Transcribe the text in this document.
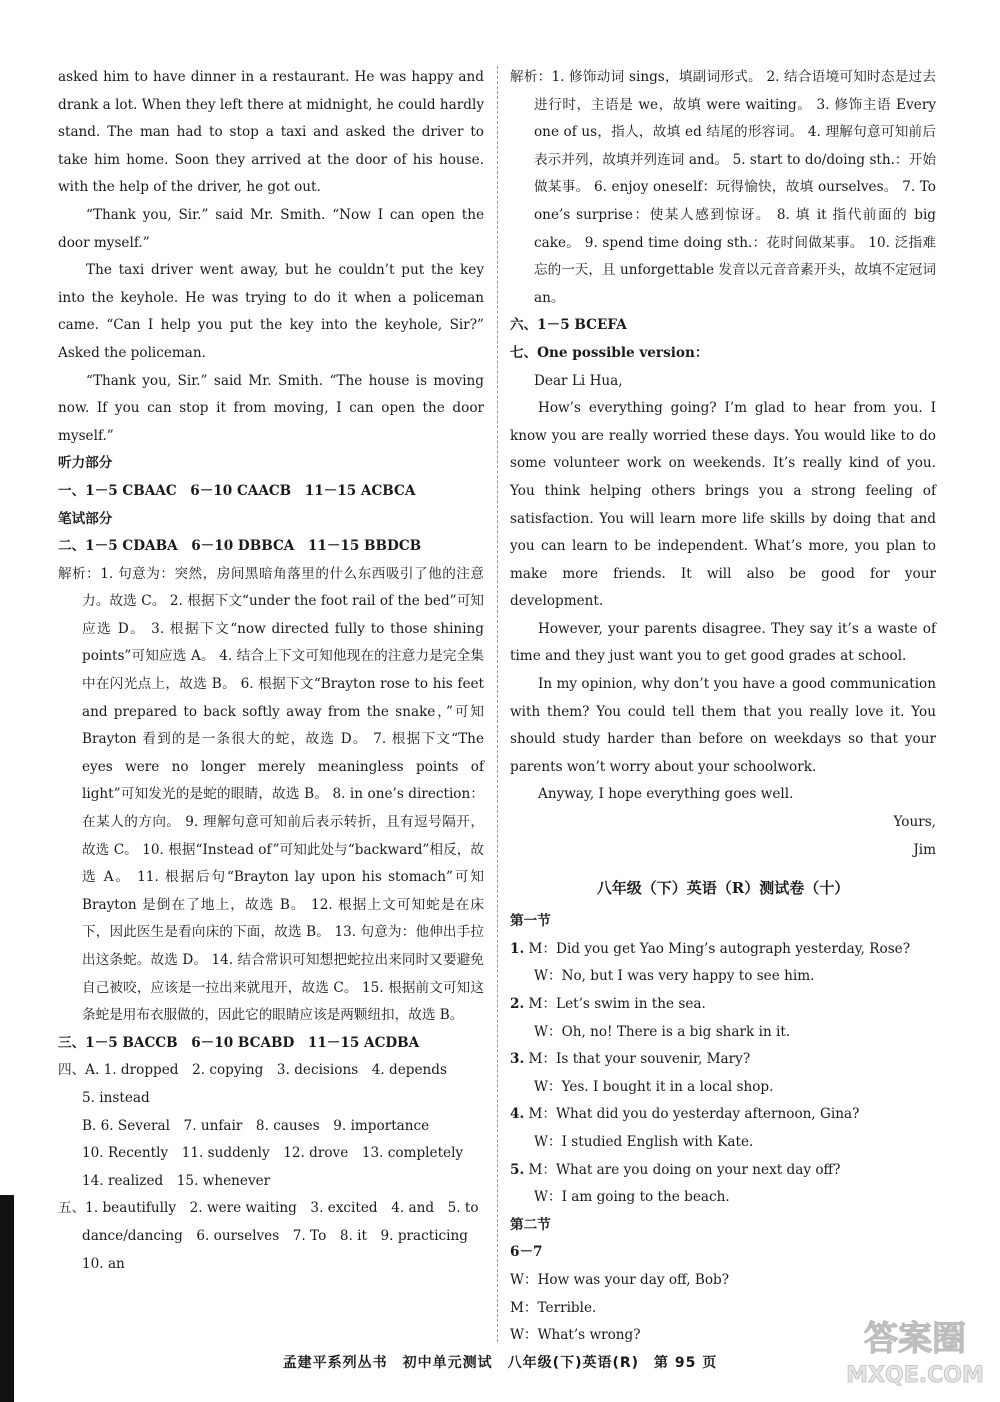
asked him to have dinner in a restaurant. He was happy and drank a lot. When they left there at midnight, he could hardly stand. The man had to stop a taxi and asked the driver to take him home. Soon they arrived at the door of his house. with the help of the driver, he got out.

“Thank you, Sir.” said Mr. Smith. “Now I can open the door myself.”

The taxi driver went away, but he couldn’t put the key into the keyhole. He was trying to do it when a policeman came. “Can I help you put the key into the keyhole, Sir?” Asked the policeman.

“Thank you, Sir.” said Mr. Smith. “The house is moving now. If you can stop it from moving, I can open the door myself.”

听力部分

一、1－5 CBAAC　6－10 CAACB　11－15 ACBCA

笔试部分

二、1－5 CDABA　6－10 DBBCA　11－15 BBDCB

解析：1. 句意为：突然，房间黑暗角落里的什么东西吸引了他的注意力。故选 C。 2. 根据下文“under the foot rail of the bed”可知应选 D。 3. 根据下文“now directed fully to those shining points”可知应选 A。 4. 结合上下文可知他现在的注意力是完全集中在闪光点上，故选 B。 6. 根据下文“Brayton rose to his feet and prepared to back softly away from the snake，”可知 Brayton 看到的是一条很大的蛇，故选 D。 7. 根据下文“The eyes were no longer merely meaningless points of light”可知发光的是蛇的眼睛，故选 B。 8. in one’s direction：在某人的方向。 9. 理解句意可知前后表示转折，且有逗号隔开，故选 C。 10. 根据“Instead of”可知此处与“backward”相反，故选 A。 11. 根据后句“Brayton lay upon his stomach”可知 Brayton 是倒在了地上，故选 B。 12. 根据上文可知蛇是在床下，因此医生是看向床的下面，故选 B。 13. 句意为：他伸出手拉出这条蛇。故选 D。 14. 结合常识可知想把蛇拉出来同时又要避免自己被咬，应该是一拉出来就甩开，故选 C。 15. 根据前文可知这条蛇是用布衣服做的，因此它的眼睛应该是两颗纽扣，故选 B。

三、1－5 BACCB　6－10 BCABD　11－15 ACDBA

四、A. 1. dropped　2. copying　3. decisions　4. depends

5. instead

B. 6. Several　7. unfair　8. causes　9. importance

10. Recently　11. suddenly　12. drove　13. completely

14. realized　15. whenever

五、1. beautifully　2. were waiting　3. excited　4. and　5. to

dance/dancing　6. ourselves　7. To　8. it　9. practicing

10. an

解析：1. 修饰动词 sings，填副词形式。 2. 结合语境可知时态是过去进行时，主语是 we，故填 were waiting。 3. 修饰主语 Every one of us，指人，故填 ed 结尾的形容词。 4. 理解句意可知前后表示并列，故填并列连词 and。 5. start to do/doing sth.：开始做某事。 6. enjoy oneself：玩得愉快，故填 ourselves。 7. To one’s surprise：使某人感到惊讶。 8. 填 it 指代前面的 big cake。 9. spend time doing sth.：花时间做某事。 10. 泛指难忘的一天，且 unforgettable 发音以元音音素开头，故填不定冠词 an。

六、1－5 BCEFA

七、One possible version：

Dear Li Hua,

How’s everything going? I’m glad to hear from you. I know you are really worried these days. You would like to do some volunteer work on weekends. It’s really kind of you. You think helping others brings you a strong feeling of satisfaction. You will learn more life skills by doing that and you can learn to be independent. What’s more, you plan to make more friends. It will also be good for your development.

However, your parents disagree. They say it’s a waste of time and they just want you to get good grades at school.

In my opinion, why don’t you have a good communication with them? You could tell them that you really love it. You should study harder than before on weekdays so that your parents won’t worry about your schoolwork.

Anyway, I hope everything goes well.

Yours,

Jim

八年级（下）英语（R）测试卷（十）

第一节

1. M：Did you get Yao Ming’s autograph yesterday, Rose?

W：No, but I was very happy to see him.

2. M：Let’s swim in the sea.

W：Oh, no! There is a big shark in it.

3. M：Is that your souvenir, Mary?

W：Yes. I bought it in a local shop.

4. M：What did you do yesterday afternoon, Gina?

W：I studied English with Kate.

5. M：What are you doing on your next day off?

W：I am going to the beach.

第二节

6－7

W：How was your day off, Bob?

M：Terrible.

W：What’s wrong?

孟建平系列丛书　初中单元测试　八年级(下)英语(R)　第 95 页
答案圈
MXQE.COM
